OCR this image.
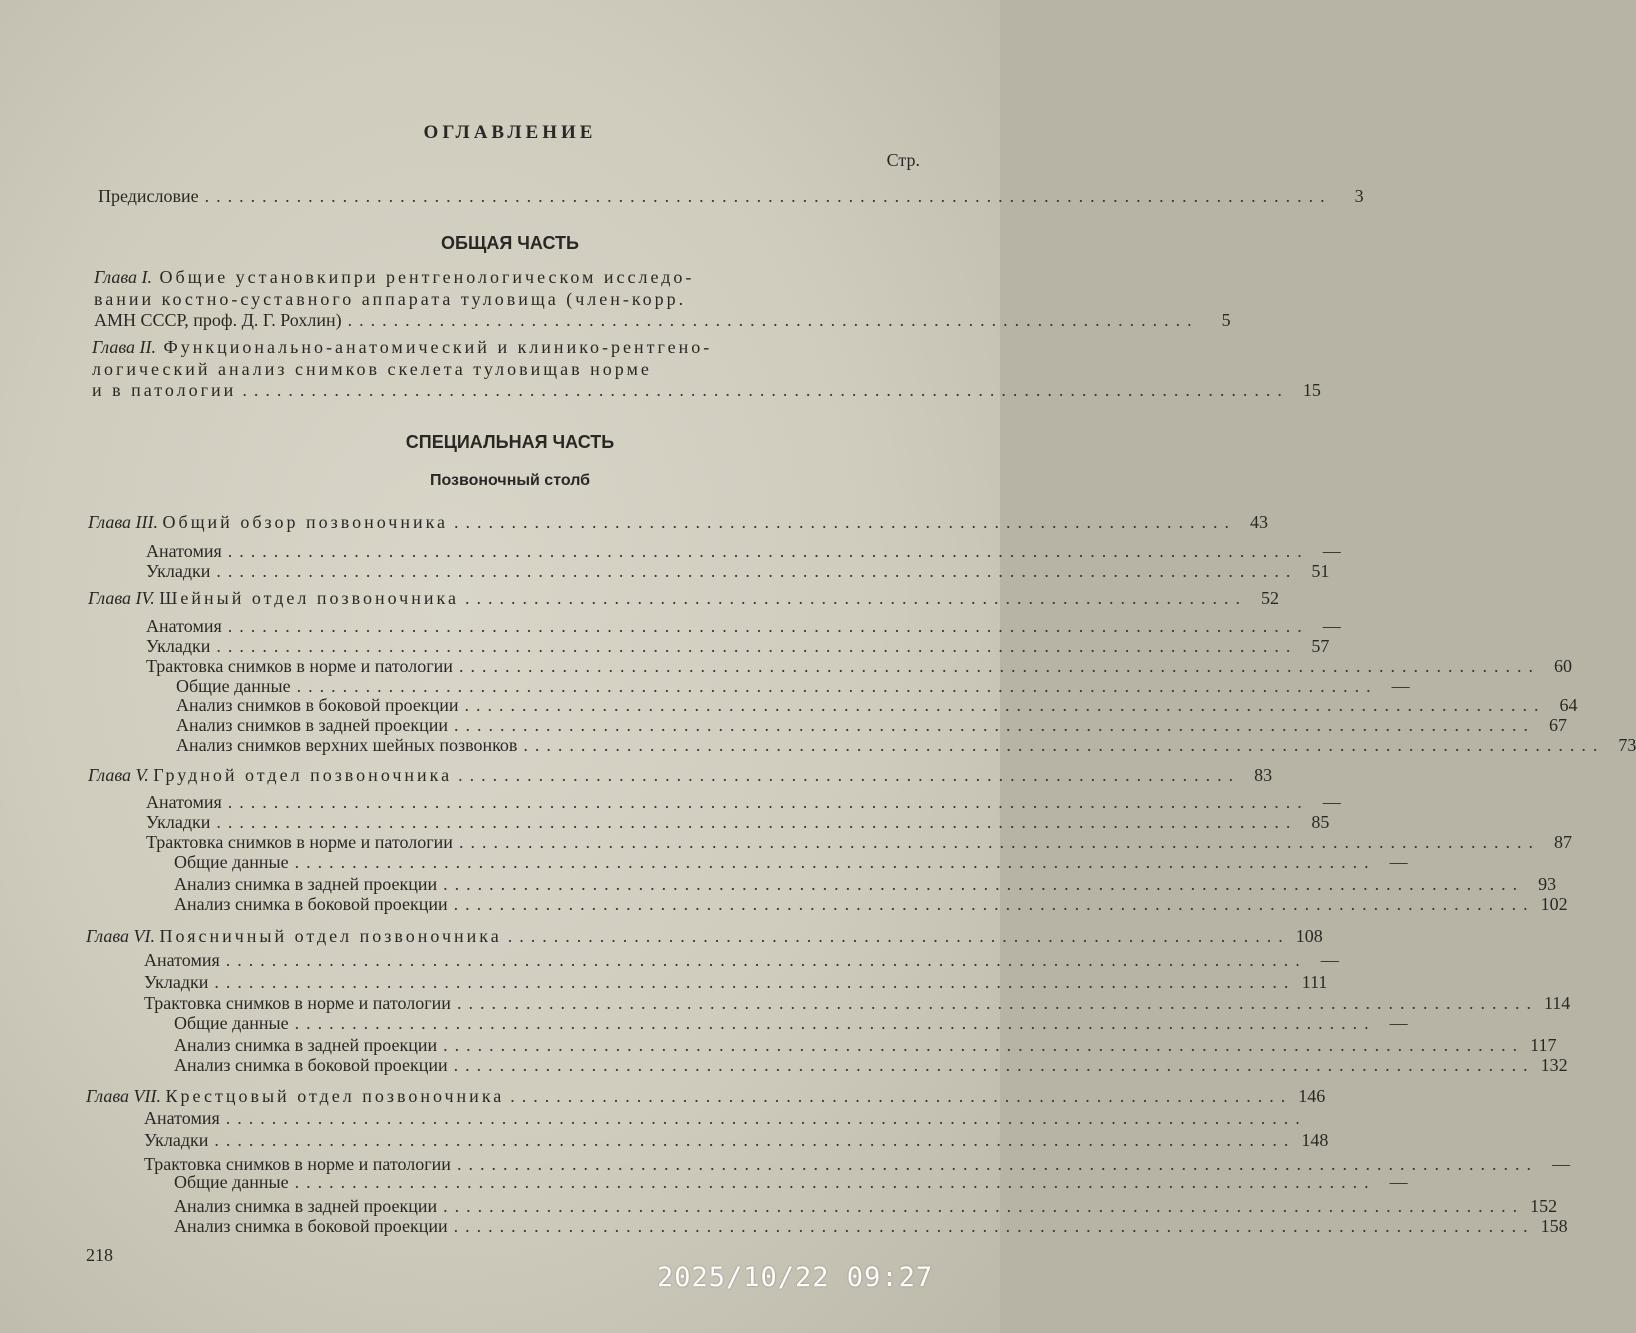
ОГЛАВЛЕНИЕ
Стр.
Предисловие ..................................................................................................	3
ОБЩАЯ ЧАСТЬ
Глава I. Общие установкипри рентгенологическом исследо-
вании костно-суставного аппарата туловища (член-корр.
АМН СССР, проф. Д. Г. Рохлин) ..........................................................................	5
Глава II. Функционально-анатомический и клинико-рентгено-
логический анализ снимков скелета туловищав норме
и в патологии ........................................................................................... 15
СПЕЦИАЛЬНАЯ ЧАСТЬ
Позвоночный столб
Глава III. Общий обзор позвоночника .................................................................... 43
Анатомия .............................................................................................. —
Укладки .............................................................................................. 51
Глава IV. Шейный отдел позвоночника .................................................................... 52
Анатомия .............................................................................................. —
Укладки .............................................................................................. 57
Трактовка снимков в норме и патологии .............................................................................................. 60
Общие данные .............................................................................................. —
Анализ снимков в боковой проекции .............................................................................................. 64
Анализ снимков в задней проекции .............................................................................................. 67
Анализ снимков верхних шейных позвонков .............................................................................................. 73
Глава V. Грудной отдел позвоночника .................................................................... 83
Анатомия .............................................................................................. —
Укладки .............................................................................................. 85
Трактовка снимков в норме и патологии .............................................................................................. 87
Общие данные .............................................................................................. —
Анализ снимка в задней проекции .............................................................................................. 93
Анализ снимка в боковой проекции .............................................................................................. 102
Глава VI. Поясничный отдел позвоночника .................................................................... 108
Анатомия .............................................................................................. —
Укладки .............................................................................................. 111
Трактовка снимков в норме и патологии .............................................................................................. 114
Общие данные .............................................................................................. —
Анализ снимка в задней проекции .............................................................................................. 117
Анализ снимка в боковой проекции .............................................................................................. 132
Глава VII. Крестцовый отдел позвоночника .................................................................... 146
Анатомия ..............................................................................................
Укладки .............................................................................................. 148
Трактовка снимков в норме и патологии .............................................................................................. —
Общие данные .............................................................................................. —
Анализ снимка в задней проекции .............................................................................................. 152
Анализ снимка в боковой проекции .............................................................................................. 158
218
2025/10/22 09:27
